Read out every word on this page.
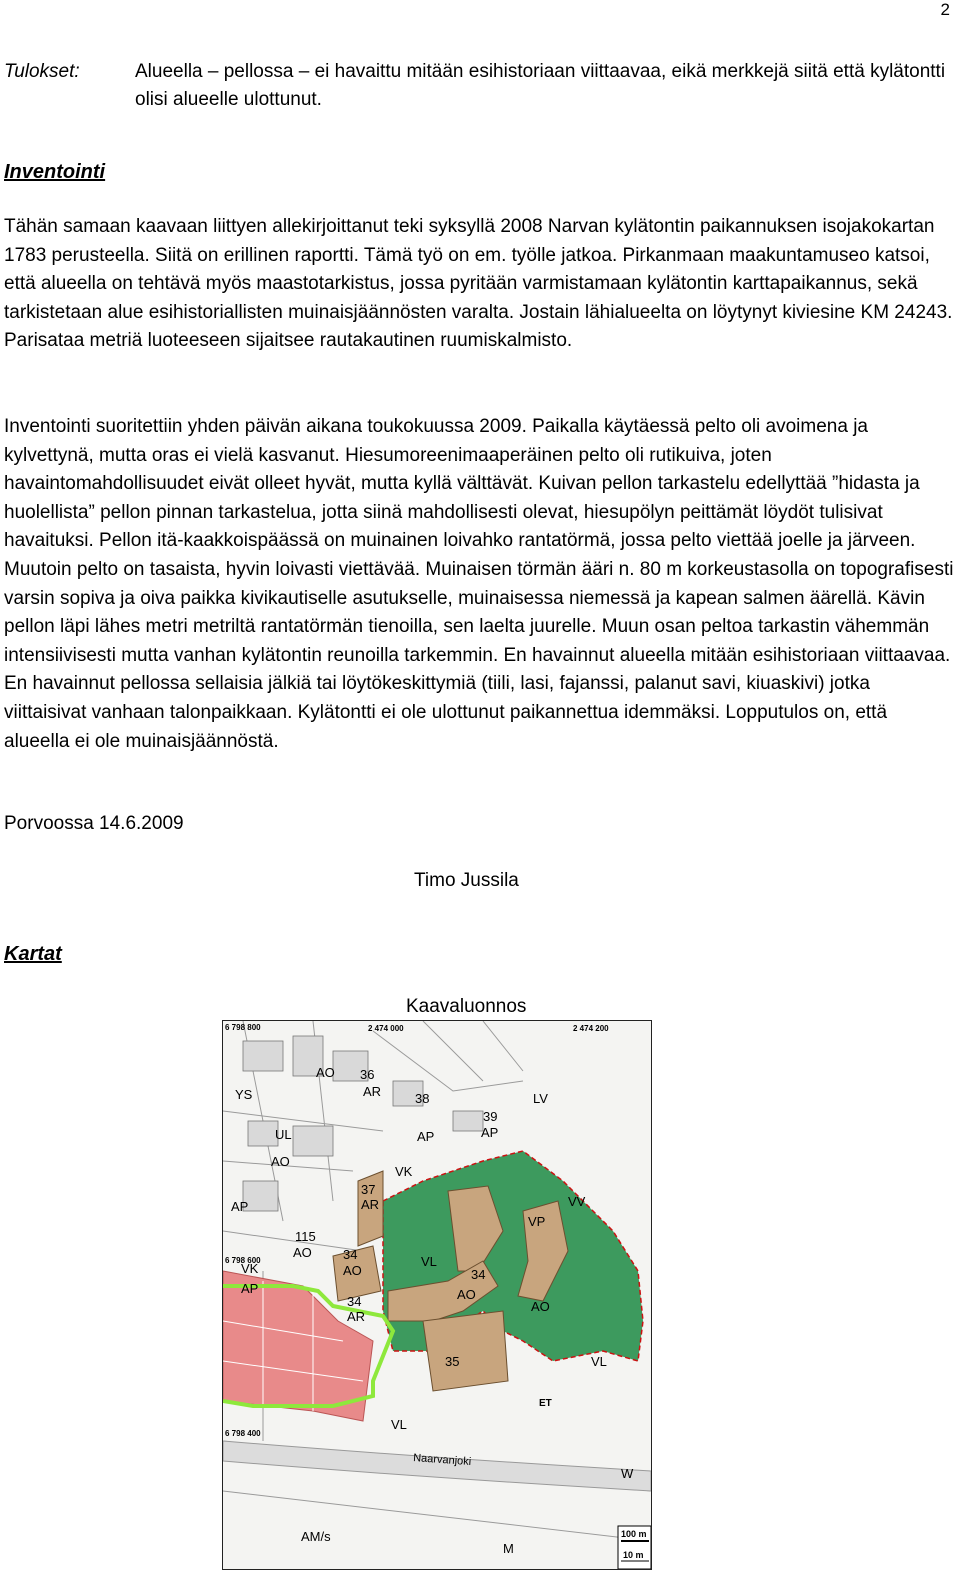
2
Tulokset:	Alueella – pellossa – ei havaittu mitään esihistoriaan viittaavaa, eikä merkkejä siitä että kylätontti olisi alueelle ulottunut.
Inventointi

Tähän samaan kaavaan liittyen allekirjoittanut teki syksyllä 2008 Narvan kylätontin paikannuksen isojakokartan 1783 perusteella. Siitä on erillinen raportti. Tämä työ on em. työlle jatkoa. Pirkanmaan maakuntamuseo katsoi, että alueella on tehtävä myös maastotarkistus, jossa pyritään varmistamaan kylätontin karttapaikannus, sekä tarkistetaan alue esihistoriallisten muinaisjäännösten varalta. Jostain lähialueelta on löytynyt kiviesine KM 24243. Parisataa metriä luoteeseen sijaitsee rautakautinen ruumiskalmisto.

Inventointi suoritettiin yhden päivän aikana toukokuussa 2009. Paikalla käytäessä pelto oli avoimena ja kylvettynä, mutta oras ei vielä kasvanut. Hiesumoreenimaaperäinen pelto oli rutikuiva, joten havaintomahdollisuudet eivät olleet hyvät, mutta kyllä välttävät. Kuivan pellon tarkastelu edellyttää ”hidasta ja huolellista” pellon pinnan tarkastelua, jotta siinä mahdollisesti olevat, hiesupölyn peittämät löydöt tulisivat havaituksi. Pellon itä-kaakkoispäässä on muinainen loivahko rantatörmä, jossa pelto viettää joelle ja järveen. Muutoin pelto on tasaista, hyvin loivasti viettävää. Muinaisen törmän ääri n. 80 m korkeustasolla on topografisesti varsin sopiva ja oiva paikka kivikautiselle asutukselle, muinaisessa niemessä ja kapean salmen äärellä. Kävin pellon läpi lähes metri metriltä rantatörmän tienoilla, sen laelta juurelle. Muun osan peltoa tarkastin vähemmän intensiivisesti mutta vanhan kylätontin reunoilla tarkemmin. En havainnut alueella mitään esihistoriaan viittaavaa. En havainnut pellossa sellaisia jälkiä tai löytökeskittymiä (tiili, lasi, fajanssi, palanut savi, kiuaskivi) jotka viittaisivat vanhaan talonpaikkaan. Kylätontti ei ole ulottunut paikannettua idemmäksi. Lopputulos on, että alueella ei ole muinaisjäännöstä.

Porvoossa 14.6.2009
Timo Jussila
Kartat
Kaavaluonnos
6 798 800	2 474 000	2 474 200
6 798 600
6 798 400
Naarvanjoki
AO 36
AR	38	LV
YS
39
AP
UL	AP
AO
VK
37
AR	VV
AP
VP
115
AO 34
AO
VL
34
VK
AP	AO
AO
34
AR
35	VL
VL
ET
W
M
AM/s	100 m
10 m
